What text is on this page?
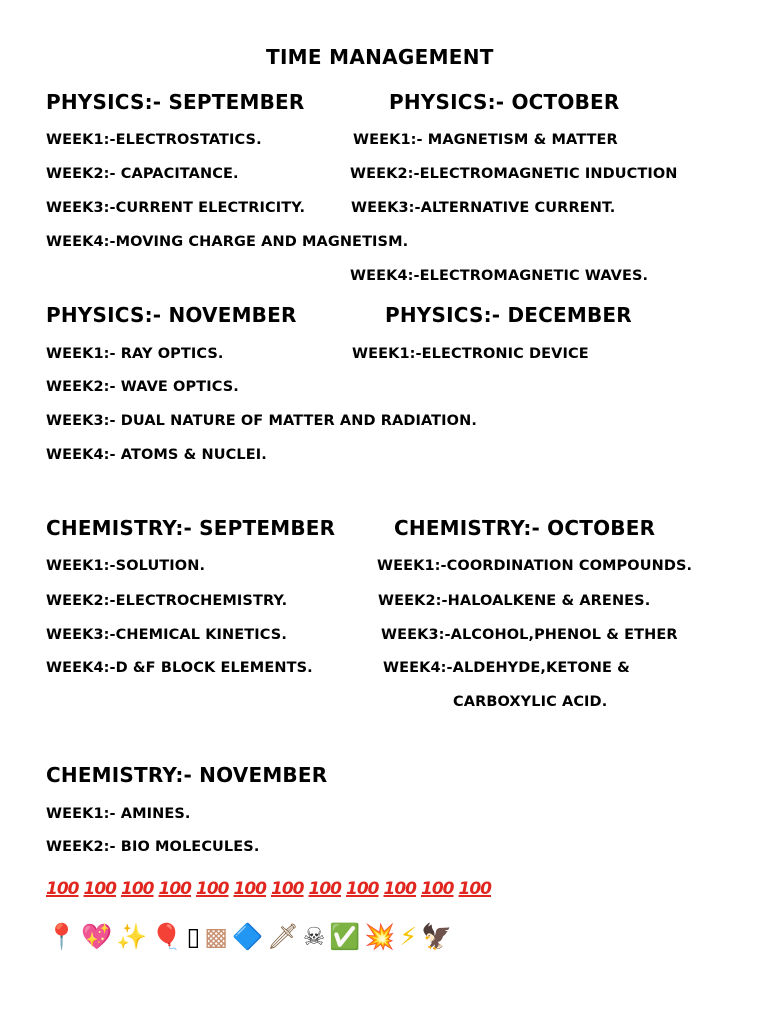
TIME MANAGEMENT
PHYSICS:- SEPTEMBER	PHYSICS:- OCTOBER
WEEK1:-ELECTROSTATICS.	WEEK1:- MAGNETISM & MATTER
WEEK2:- CAPACITANCE.	WEEK2:-ELECTROMAGNETIC INDUCTION
WEEK3:-CURRENT ELECTRICITY.	WEEK3:-ALTERNATIVE CURRENT.
WEEK4:-MOVING CHARGE AND MAGNETISM.
WEEK4:-ELECTROMAGNETIC WAVES.
PHYSICS:- NOVEMBER	PHYSICS:- DECEMBER
WEEK1:- RAY OPTICS.	WEEK1:-ELECTRONIC DEVICE
WEEK2:- WAVE OPTICS.
WEEK3:- DUAL NATURE OF MATTER AND RADIATION.
WEEK4:- ATOMS & NUCLEI.
CHEMISTRY:- SEPTEMBER	CHEMISTRY:- OCTOBER
WEEK1:-SOLUTION.	WEEK1:-COORDINATION COMPOUNDS.
WEEK2:-ELECTROCHEMISTRY.	WEEK2:-HALOALKENE & ARENES.
WEEK3:-CHEMICAL KINETICS.	WEEK3:-ALCOHOL,PHENOL & ETHER
WEEK4:-D &F BLOCK ELEMENTS.	WEEK4:-ALDEHYDE,KETONE &
CARBOXYLIC ACID.
CHEMISTRY:- NOVEMBER
WEEK1:- AMINES.
WEEK2:- BIO MOLECULES.
100 100 100 100 100 100 100 100 100 100 100 100
📍 💖 ✨ 🎈 ▯ ▩ 🔷 🗡 ☠ ✅ 💥 ⚡ 🦅
